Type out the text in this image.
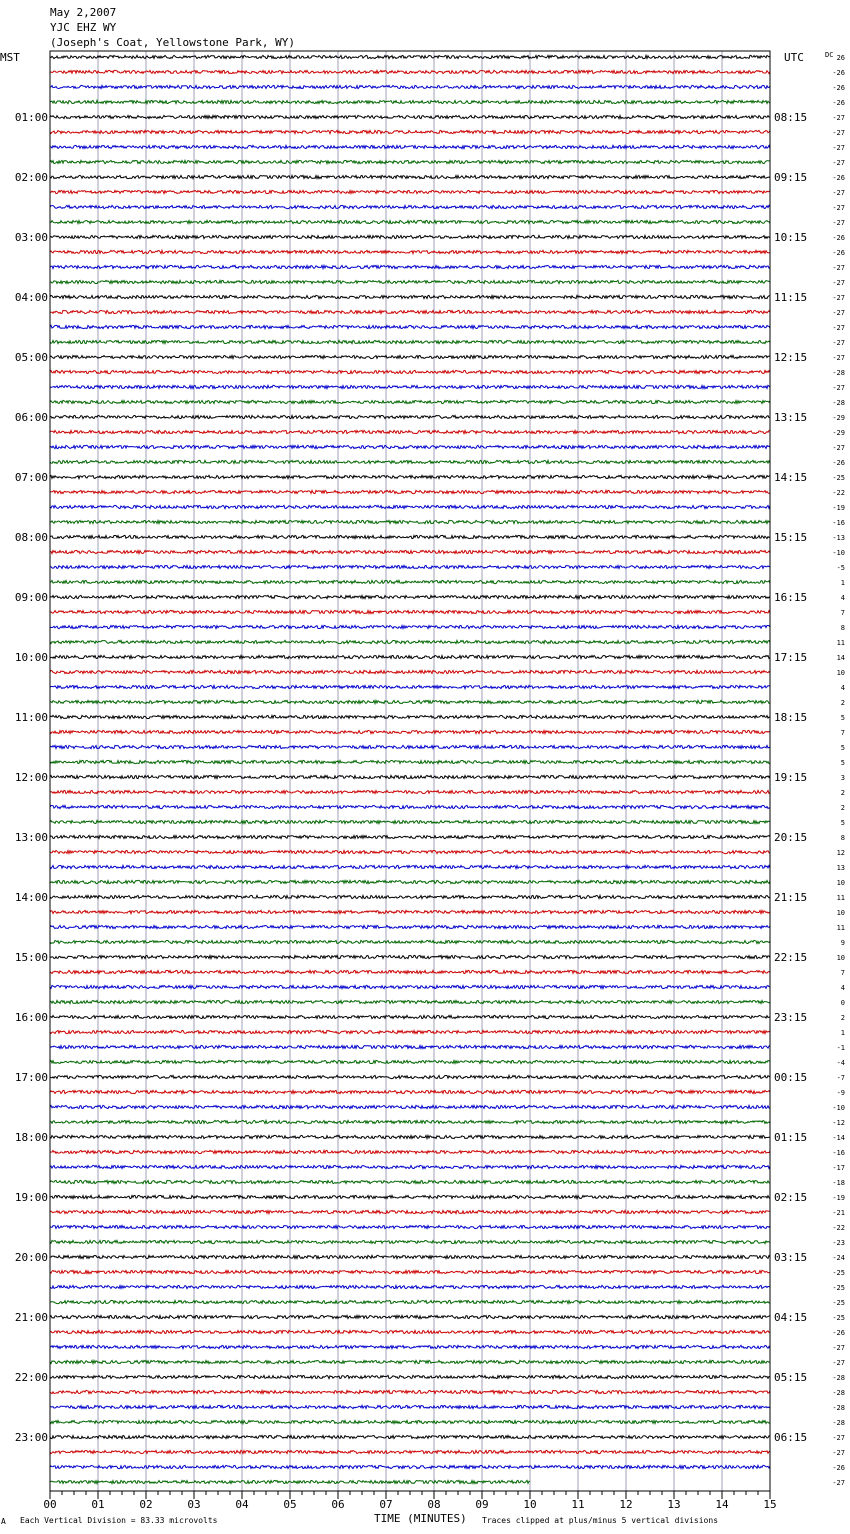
May 2,2007
YJC EHZ WY
(Joseph's Coat, Yellowstone Park, WY)
MST	UTC	DC
01:00
02:00
03:00
04:00
05:00
06:00
07:00
08:00
09:00
10:00
11:00
12:00
13:00
14:00
15:00
16:00
17:00
18:00
19:00
20:00
21:00
22:00
23:00
08:15
09:15
10:15
11:15
12:15
13:15
14:15
15:15
16:15
17:15
18:15
19:15
20:15
21:15
22:15
23:15
00:15
01:15
02:15
03:15
04:15
05:15
06:15
26
-26
-26
-26
-27
-27
-27
-27
-26
-27
-27
-27
-26
-26
-27
-27
-27
-27
-27
-27
-27
-28
-27
-28
-29
-29
-27
-26
-25
-22
-19
-16
-13
-10
-5
1
4
7
8
11
14
10
4
2
5
7
5
5
3
2
2
5
8
12
13
10
11
10
11
9
10
7
4
0
2
1
-1
-4
-7
-9
-10
-12
-14
-16
-17
-18
-19
-21
-22
-23
-24
-25
-25
-25
-25
-26
-27
-27
-28
-28
-28
-28
-27
-27
-26
-27
00	01	02	03	04	05	06	07	08	09	10	11	12	13	14	15
TIME (MINUTES)
Each Vertical Division = 83.33 microvolts	Traces clipped at plus/minus 5 vertical divisions
A
